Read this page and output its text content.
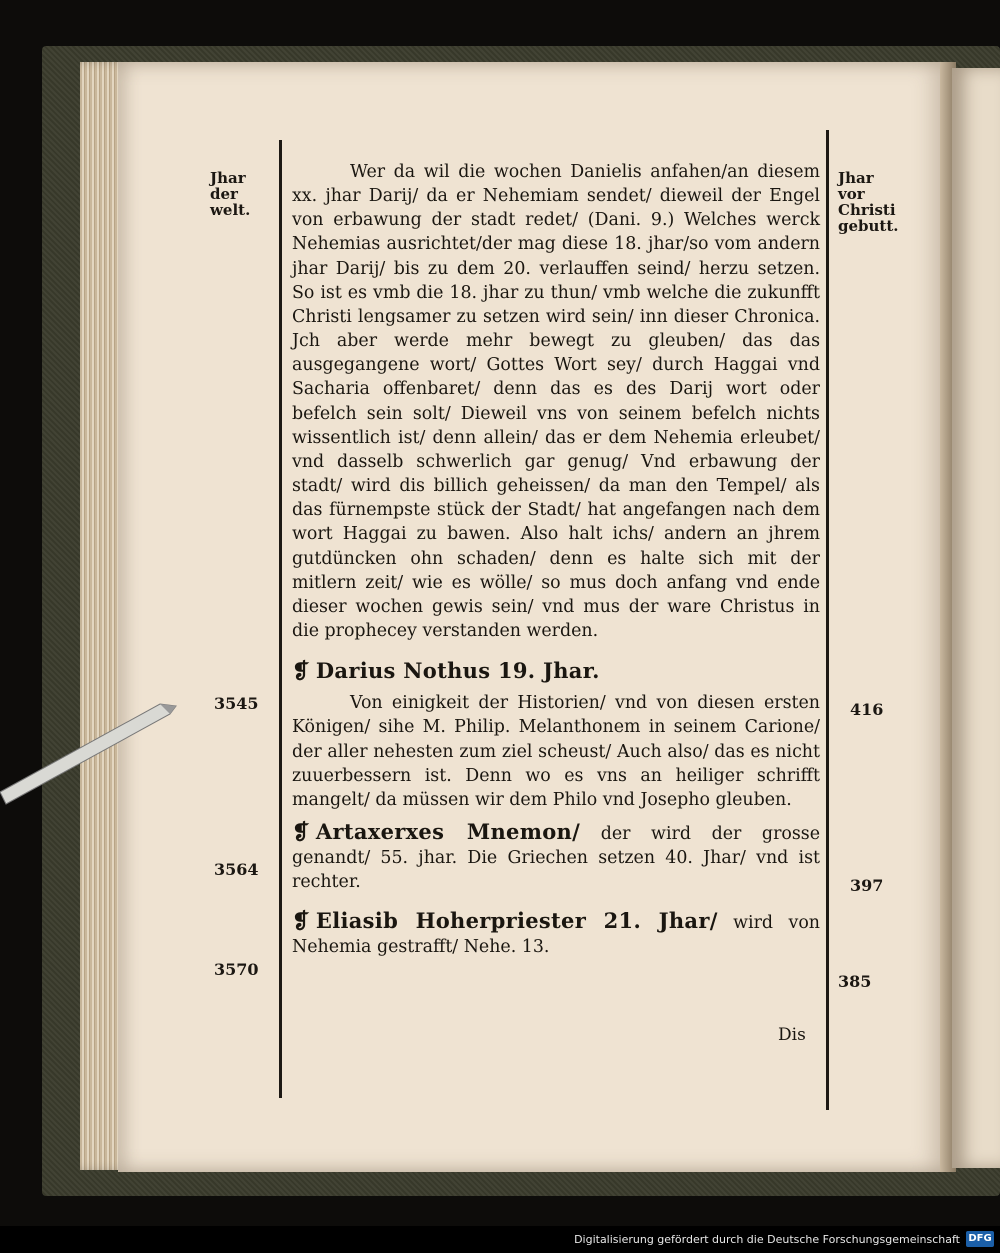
Jhar der welt.
Jhar vor Christi gebutt.
3545	416
3564
397
3570
385

Wer da wil die wochen Danielis anfahen/an diesem xx. jhar Darij/ da er Nehemiam sendet/ dieweil der Engel von erbawung der stadt redet/ (Dani. 9.) Welches werck Nehemias ausrichtet/der mag diese 18. jhar/so vom andern jhar Darij/ bis zu dem 20. verlauffen seind/ herzu setzen. So ist es vmb die 18. jhar zu thun/ vmb welche die zukunfft Christi lengsamer zu setzen wird sein/ inn dieser Chronica. Jch aber werde mehr bewegt zu gleuben/ das das ausgegangene wort/ Gottes Wort sey/ durch Haggai vnd Sacharia offenbaret/ denn das es des Darij wort oder befelch sein solt/ Dieweil vns von seinem befelch nichts wissentlich ist/ denn allein/ das er dem Nehemia erleubet/ vnd dasselb schwerlich gar genug/ Vnd erbawung der stadt/ wird dis billich geheissen/ da man den Tempel/ als das fürnempste stück der Stadt/ hat angefangen nach dem wort Haggai zu bawen. Also halt ichs/ andern an jhrem gutdüncken ohn schaden/ denn es halte sich mit der mitlern zeit/ wie es wölle/ so mus doch anfang vnd ende dieser wochen gewis sein/ vnd mus der ware Christus in die prophecey verstanden werden.

❡ Darius Nothus 19. Jhar.

Von einigkeit der Historien/ vnd von diesen ersten Königen/ sihe M. Philip. Melanthonem in seinem Carione/ der aller nehesten zum ziel scheust/ Auch also/ das es nicht zuuerbessern ist. Denn wo es vns an heiliger schrifft mangelt/ da müssen wir dem Philo vnd Josepho gleuben.

❡ Artaxerxes Mnemon/ der wird der grosse genandt/ 55. jhar. Die Griechen setzen 40. Jhar/ vnd ist rechter.

❡ Eliasib Hoherpriester 21. Jhar/ wird von Nehemia gestrafft/ Nehe. 13.

Dis
Digitalisierung gefördert durch die Deutsche Forschungsgemeinschaft DFG
